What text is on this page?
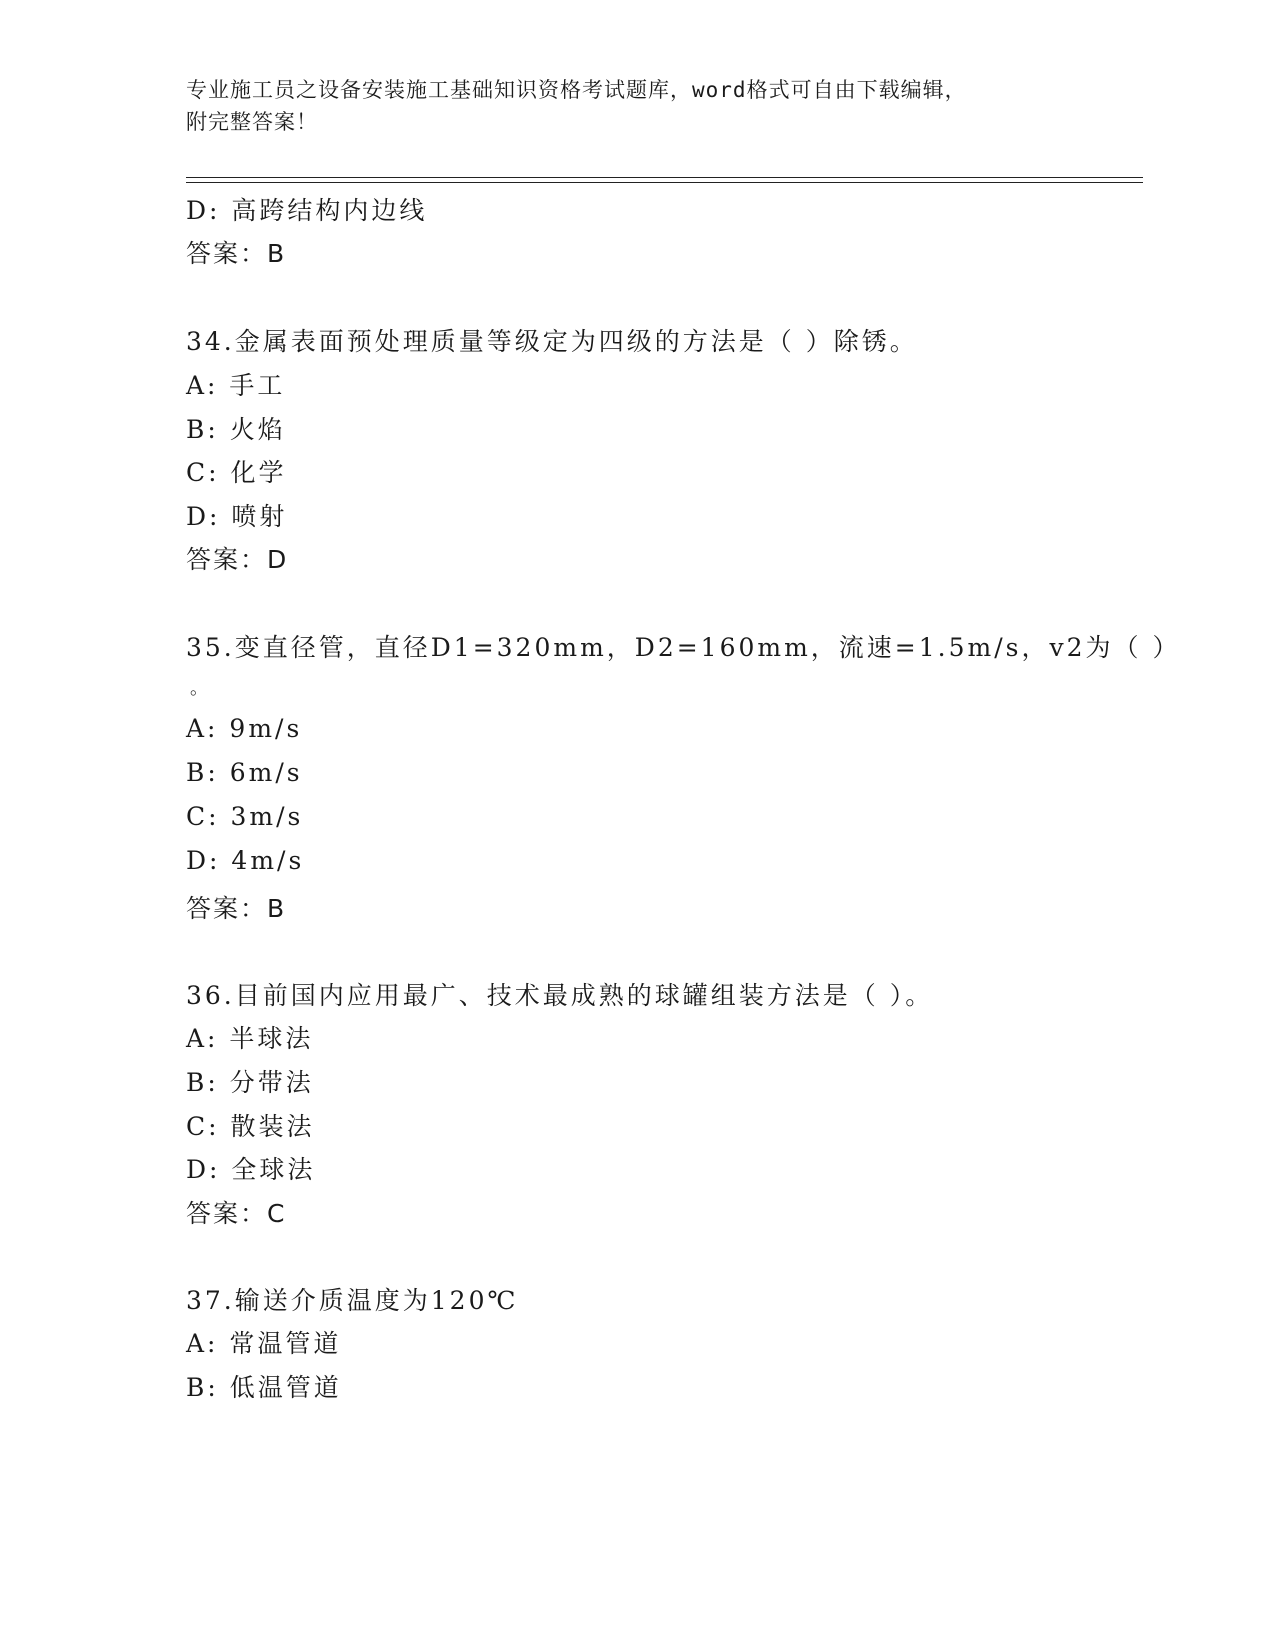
专业施工员之设备安装施工基础知识资格考试题库，word格式可自由下载编辑，
附完整答案！
D: 高跨结构内边线
答案：B
34.金属表面预处理质量等级定为四级的方法是（ ）除锈。
A: 手工
B: 火焰
C: 化学
D: 喷射
答案：D
35.变直径管，直径D1=320mm，D2=160mm，流速=1.5m/s，v2为（ ）
。
A: 9m/s
B: 6m/s
C: 3m/s
D: 4m/s
答案：B
36.目前国内应用最广、技术最成熟的球罐组装方法是（ ）。
A: 半球法
B: 分带法
C: 散装法
D: 全球法
答案：C
37.输送介质温度为120℃
A: 常温管道
B: 低温管道
